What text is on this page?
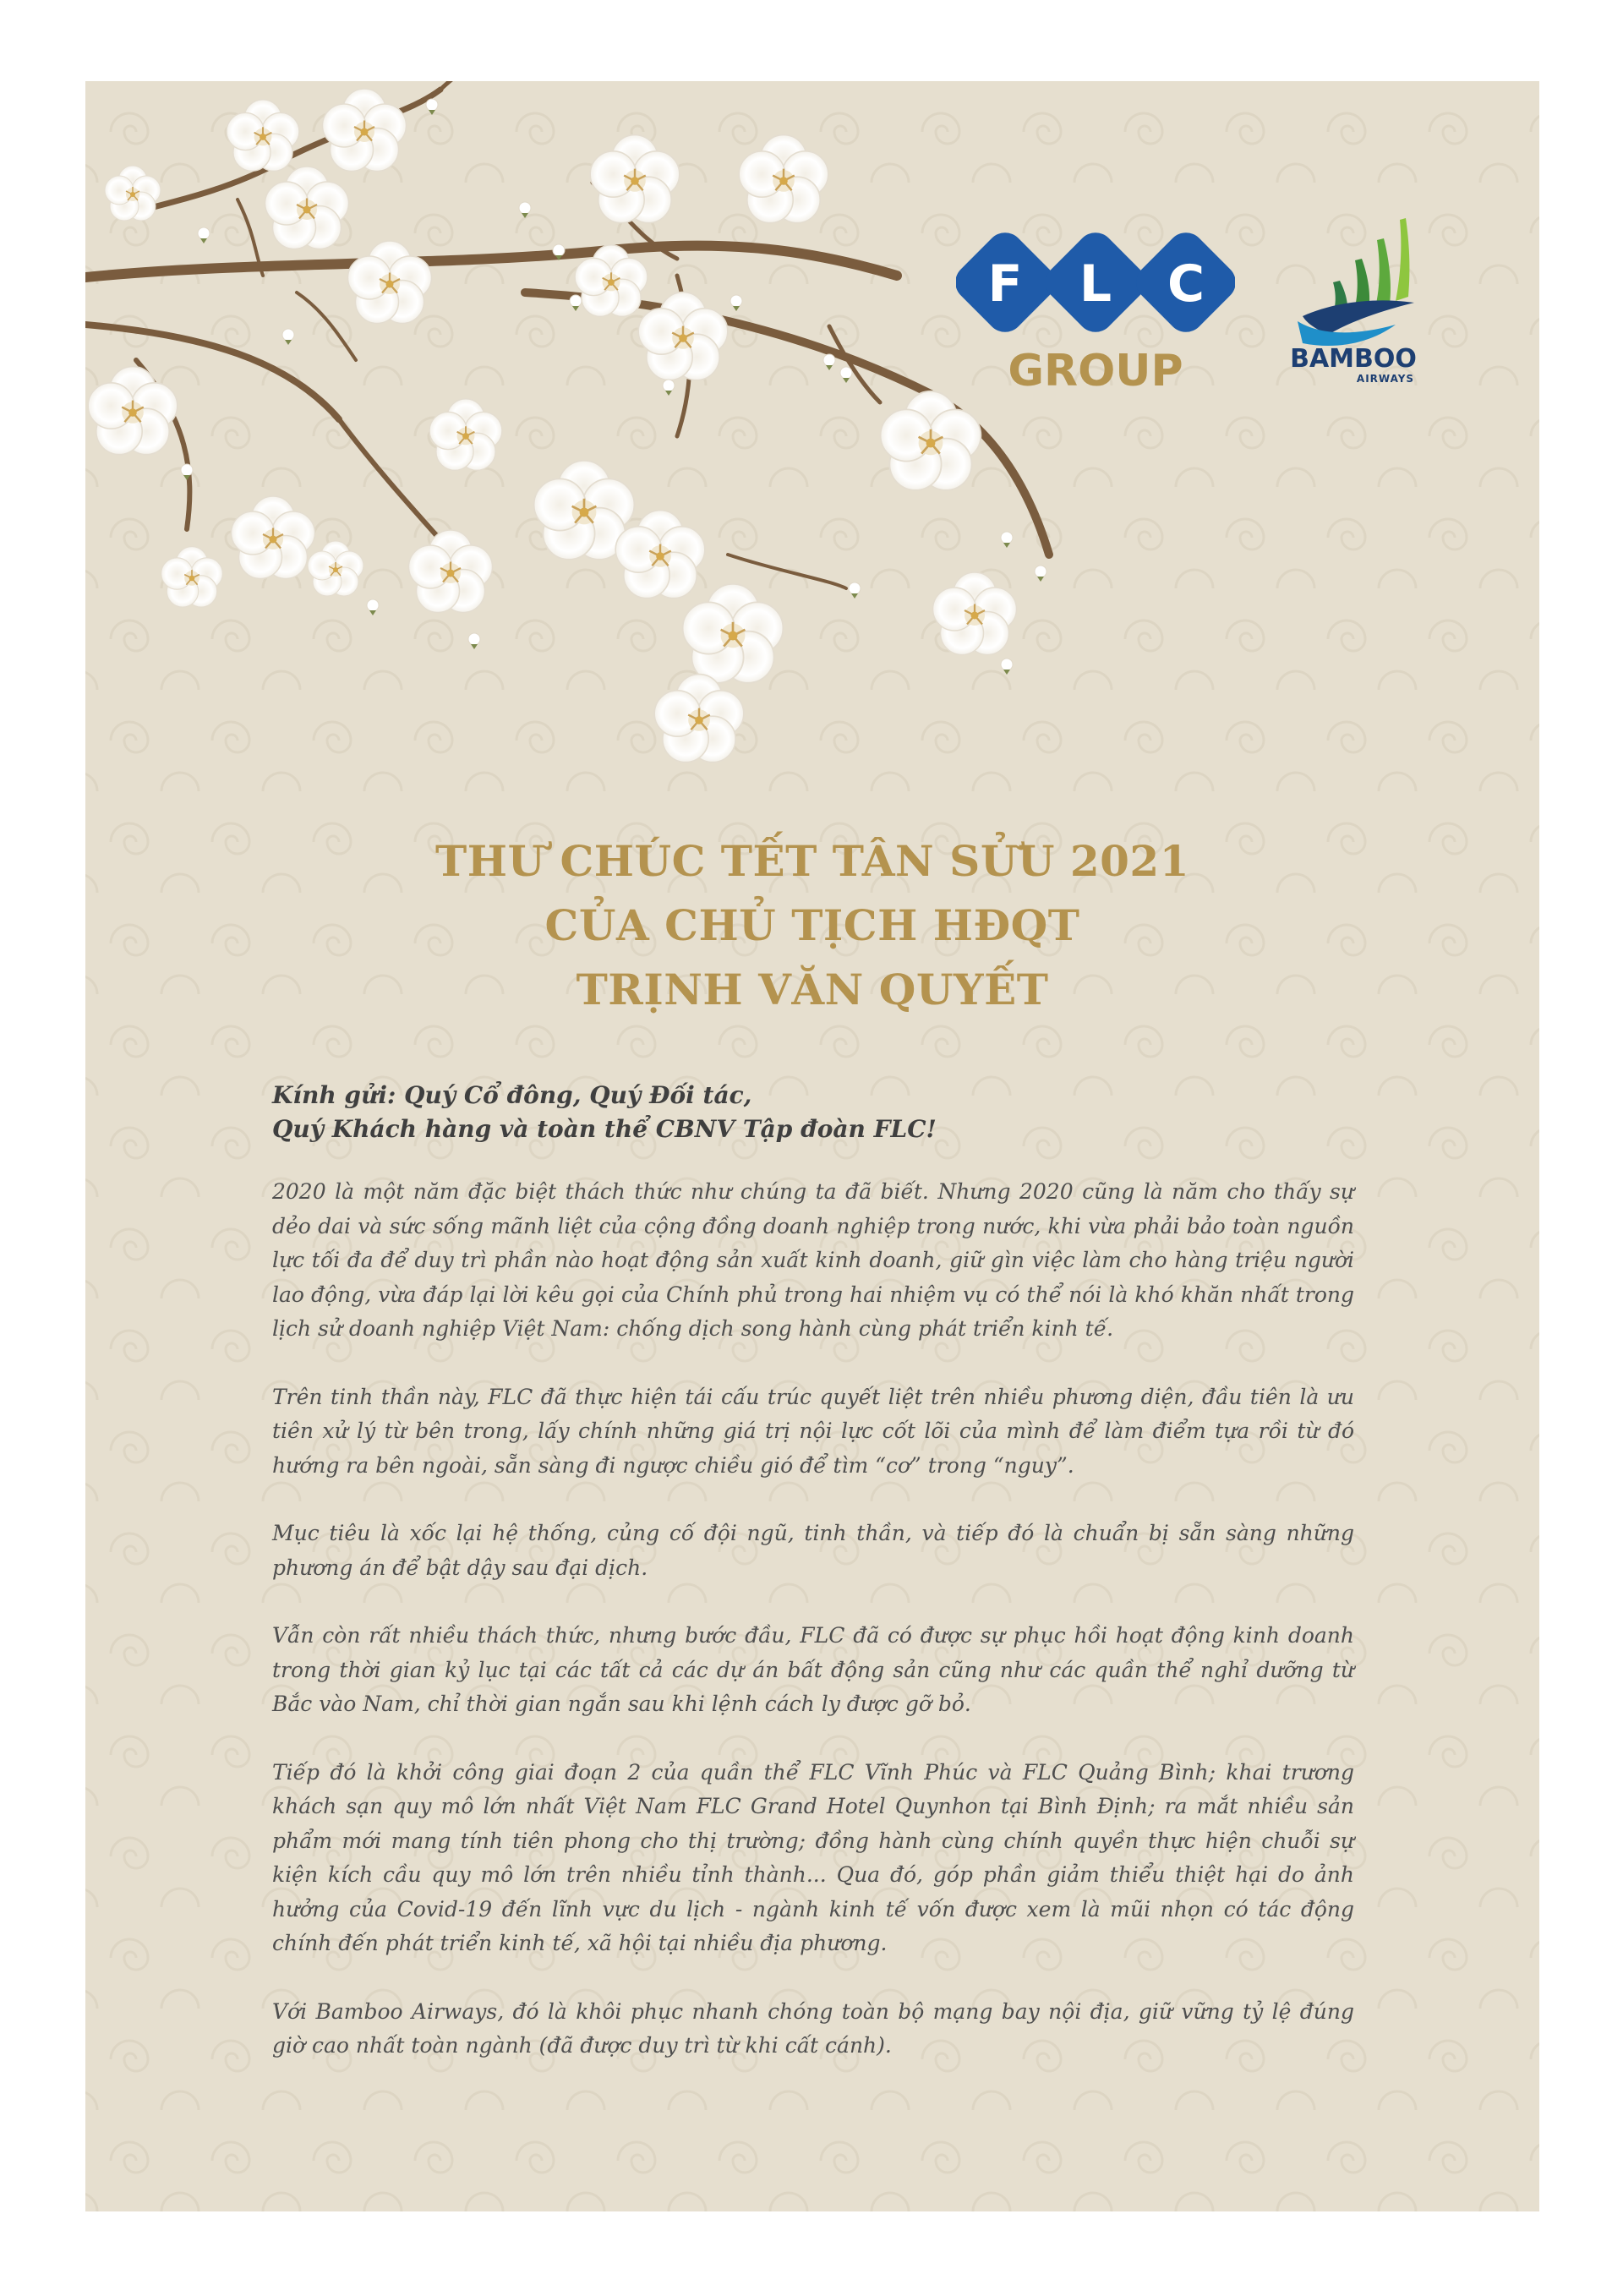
F L C
GROUP	BAMBOO
AIRWAYS
THƯ CHÚC TẾT TÂN SỬU 2021
CỦA CHỦ TỊCH HĐQT
TRỊNH VĂN QUYẾT
Kính gửi: Quý Cổ đông, Quý Đối tác,
Quý Khách hàng và toàn thể CBNV Tập đoàn FLC!

2020 là một năm đặc biệt thách thức như chúng ta đã biết. Nhưng 2020 cũng là năm cho thấy sự dẻo dai và sức sống mãnh liệt của cộng đồng doanh nghiệp trong nước, khi vừa phải bảo toàn nguồn lực tối đa để duy trì phần nào hoạt động sản xuất kinh doanh, giữ gìn việc làm cho hàng triệu người lao động, vừa đáp lại lời kêu gọi của Chính phủ trong hai nhiệm vụ có thể nói là khó khăn nhất trong lịch sử doanh nghiệp Việt Nam: chống dịch song hành cùng phát triển kinh tế.

Trên tinh thần này, FLC đã thực hiện tái cấu trúc quyết liệt trên nhiều phương diện, đầu tiên là ưu tiên xử lý từ bên trong, lấy chính những giá trị nội lực cốt lõi của mình để làm điểm tựa rồi từ đó hướng ra bên ngoài, sẵn sàng đi ngược chiều gió để tìm “cơ” trong “nguy”.

Mục tiêu là xốc lại hệ thống, củng cố đội ngũ, tinh thần, và tiếp đó là chuẩn bị sẵn sàng những phương án để bật dậy sau đại dịch.

Vẫn còn rất nhiều thách thức, nhưng bước đầu, FLC đã có được sự phục hồi hoạt động kinh doanh trong thời gian kỷ lục tại các tất cả các dự án bất động sản cũng như các quần thể nghỉ dưỡng từ Bắc vào Nam, chỉ thời gian ngắn sau khi lệnh cách ly được gỡ bỏ.

Tiếp đó là khởi công giai đoạn 2 của quần thể FLC Vĩnh Phúc và FLC Quảng Bình; khai trương khách sạn quy mô lớn nhất Việt Nam FLC Grand Hotel Quynhon tại Bình Định; ra mắt nhiều sản phẩm mới mang tính tiên phong cho thị trường; đồng hành cùng chính quyền thực hiện chuỗi sự kiện kích cầu quy mô lớn trên nhiều tỉnh thành... Qua đó, góp phần giảm thiểu thiệt hại do ảnh hưởng của Covid-19 đến lĩnh vực du lịch - ngành kinh tế vốn được xem là mũi nhọn có tác động chính đến phát triển kinh tế, xã hội tại nhiều địa phương.

Với Bamboo Airways, đó là khôi phục nhanh chóng toàn bộ mạng bay nội địa, giữ vững tỷ lệ đúng giờ cao nhất toàn ngành (đã được duy trì từ khi cất cánh).
